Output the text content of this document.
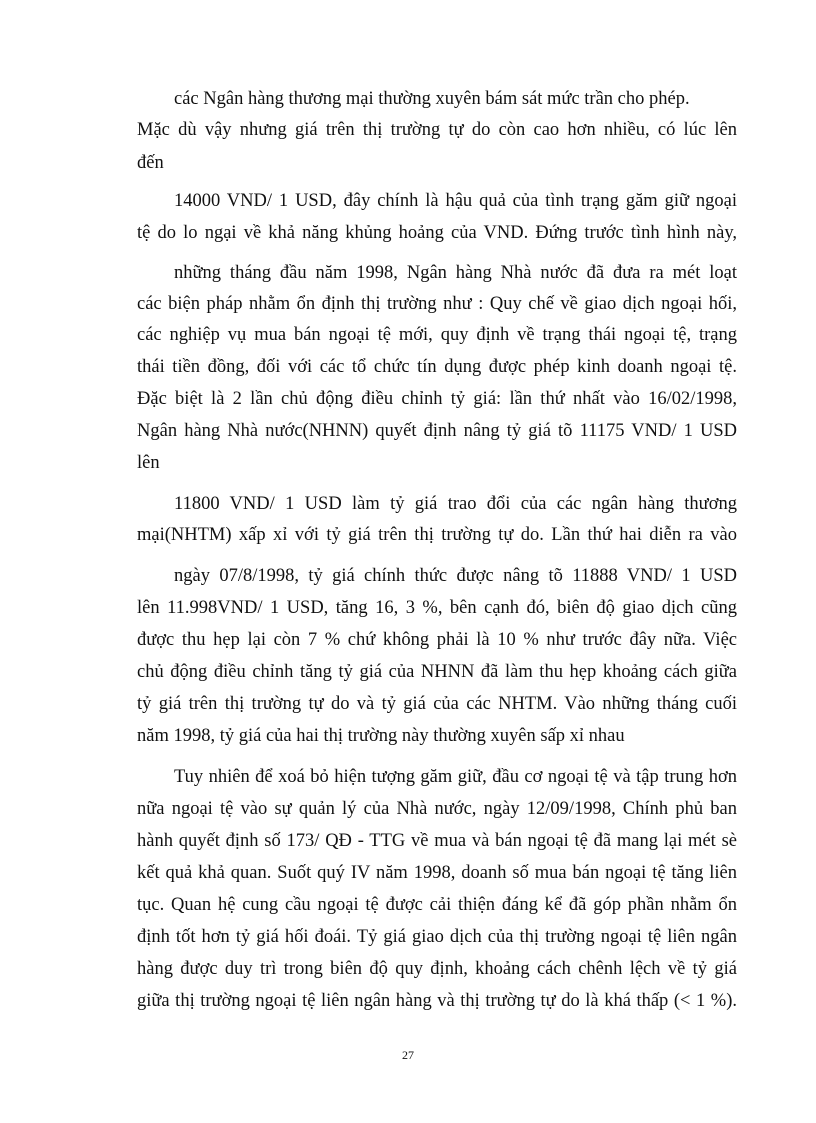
các Ngân hàng thương mại thường xuyên bám sát mức trần cho phép.

Mặc dù vậy nhưng giá trên thị trường tự do còn cao hơn nhiều, có lúc lên

đến

14000 VND/ 1 USD, đây chính là hậu quả của tình trạng găm giữ ngoại

tệ do lo ngại về khả năng khủng hoảng của VND. Đứng trước tình hình này,

những tháng đầu năm 1998, Ngân hàng Nhà nước đã đưa ra mét loạt

các biện pháp nhằm ổn định thị trường như : Quy chế về giao dịch ngoại hối,

các nghiệp vụ mua bán ngoại tệ mới, quy định về trạng thái ngoại tệ, trạng

thái tiền đồng, đối với các tổ chức tín dụng được phép kinh doanh ngoại tệ.

Đặc biệt là 2 lần chủ động điều chỉnh tỷ giá: lần thứ nhất vào 16/02/1998,

Ngân hàng Nhà nước(NHNN) quyết định nâng tỷ giá tõ 11175 VND/ 1 USD

lên

11800 VND/ 1 USD làm tỷ giá trao đổi của các ngân hàng thương

mại(NHTM) xấp xỉ với tỷ giá trên thị trường tự do. Lần thứ hai diễn ra vào

ngày 07/8/1998, tỷ giá chính thức được nâng tõ 11888 VND/ 1 USD

lên 11.998VND/ 1 USD, tăng 16, 3 %, bên cạnh đó, biên độ giao dịch cũng

được thu hẹp lại còn 7 % chứ không phải là 10 % như trước đây nữa. Việc

chủ động điều chỉnh tăng tỷ giá của NHNN đã làm thu hẹp khoảng cách giữa

tỷ giá trên thị trường tự do và tỷ giá của các NHTM. Vào những tháng cuối

năm 1998, tỷ giá của hai thị trường này thường xuyên sấp xỉ nhau

Tuy nhiên để xoá bỏ hiện tượng găm giữ, đầu cơ ngoại tệ và tập trung hơn

nữa ngoại tệ vào sự quản lý của Nhà nước, ngày 12/09/1998, Chính phủ ban

hành quyết định số 173/ QĐ - TTG về mua và bán ngoại tệ đã mang lại mét sè

kết quả khả quan. Suốt quý IV năm 1998, doanh số mua bán ngoại tệ tăng liên

tục. Quan hệ cung cầu ngoại tệ được cải thiện đáng kể đã góp phần nhằm ổn

định tốt hơn tỷ giá hối đoái. Tỷ giá giao dịch của thị trường ngoại tệ liên ngân

hàng được duy trì trong biên độ quy định, khoảng cách chênh lệch về tỷ giá

giữa thị trường ngoại tệ liên ngân hàng và thị trường tự do là khá thấp (< 1 %).

27
